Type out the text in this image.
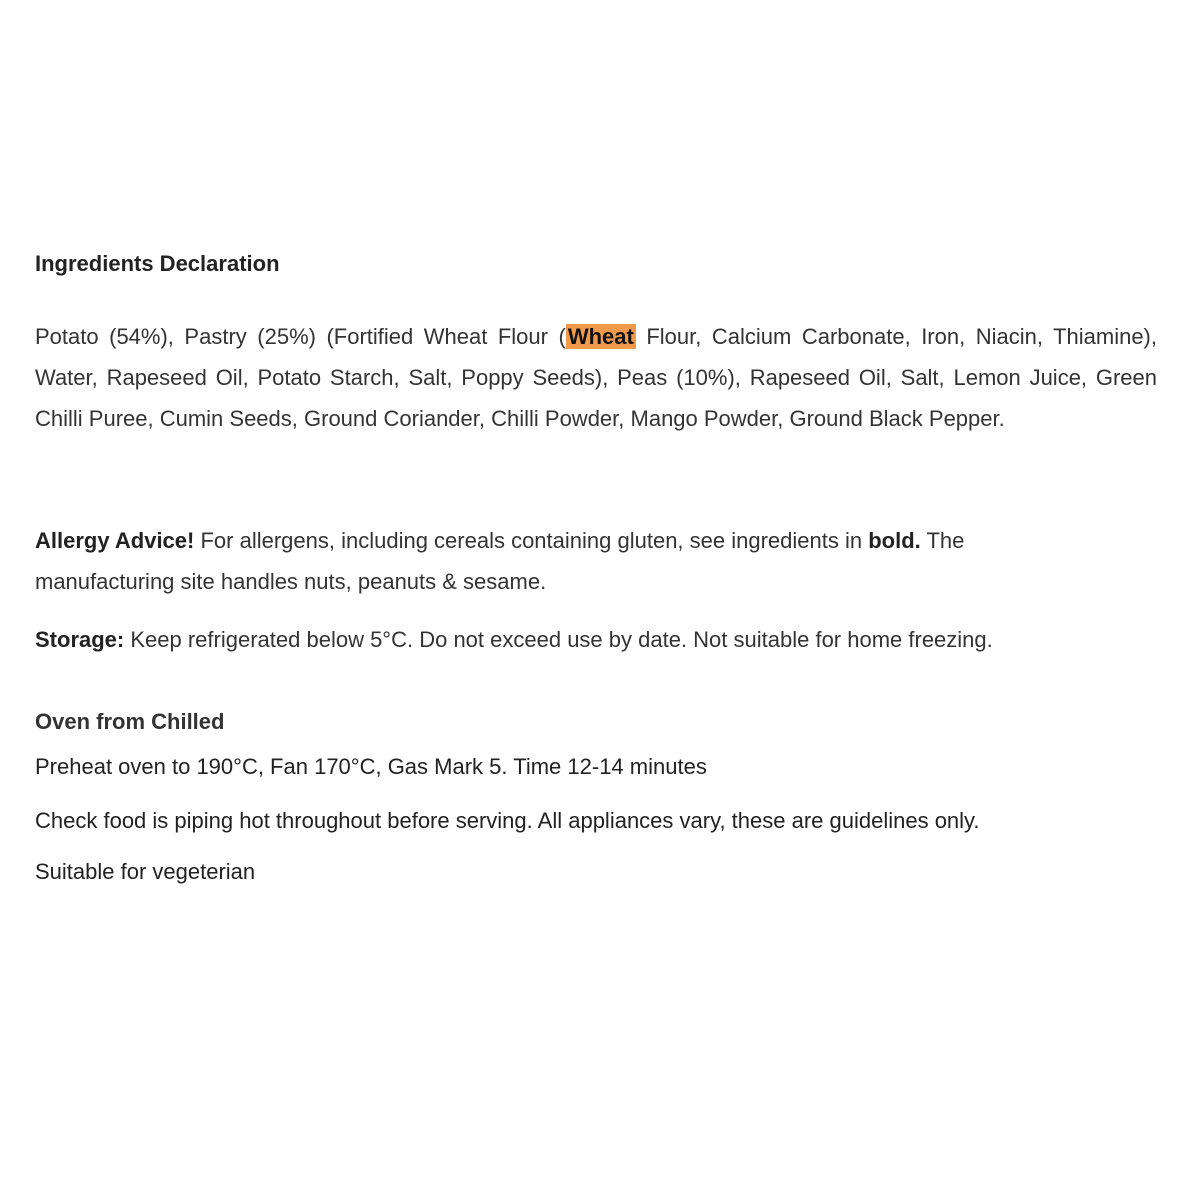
Ingredients Declaration

Potato (54%), Pastry (25%) (Fortified Wheat Flour (Wheat Flour, Calcium Carbonate, Iron, Niacin, Thiamine), Water, Rapeseed Oil, Potato Starch, Salt, Poppy Seeds), Peas (10%), Rapeseed Oil, Salt, Lemon Juice, Green Chilli Puree, Cumin Seeds, Ground Coriander, Chilli Powder, Mango Powder, Ground Black Pepper.

Allergy Advice! For allergens, including cereals containing gluten, see ingredients in bold. The manufacturing site handles nuts, peanuts & sesame.

Storage: Keep refrigerated below 5°C. Do not exceed use by date. Not suitable for home freezing.

Oven from Chilled

Preheat oven to 190°C, Fan 170°C, Gas Mark 5. Time 12-14 minutes

Check food is piping hot throughout before serving. All appliances vary, these are guidelines only.

Suitable for vegeterian
